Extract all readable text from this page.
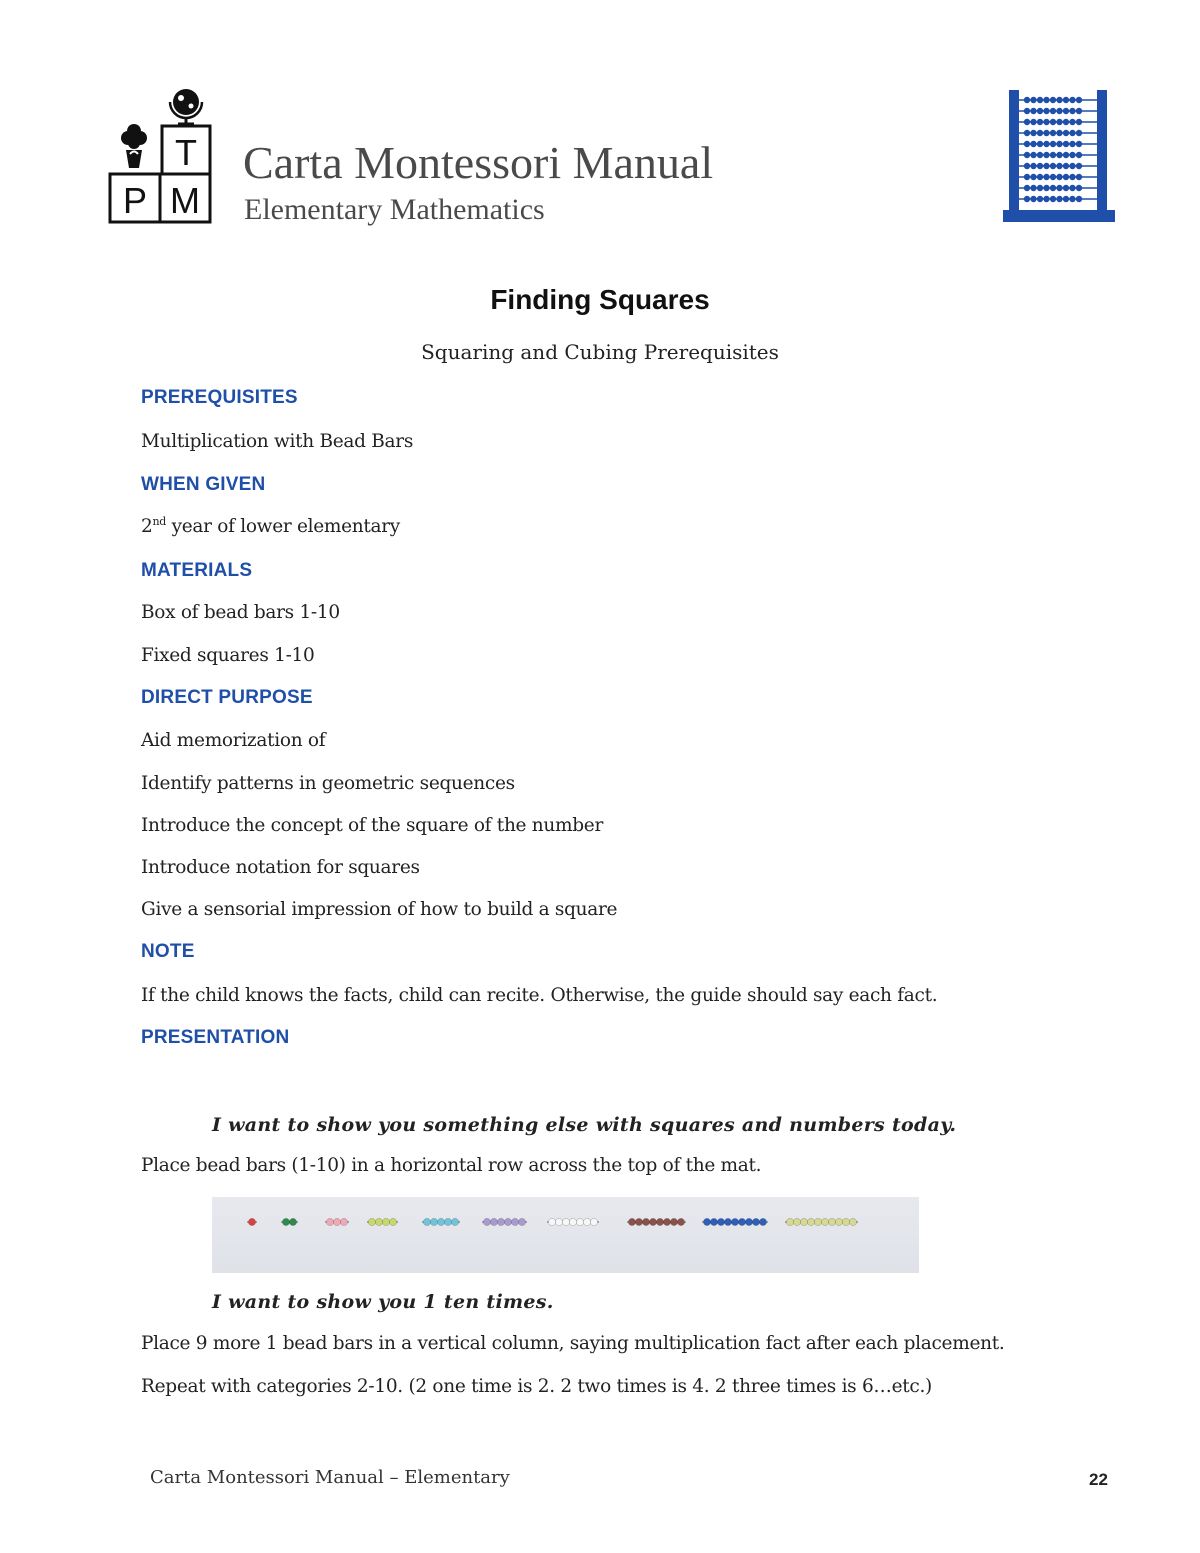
T
P M
Carta Montessori Manual
Elementary Mathematics
Finding Squares
Squaring and Cubing Prerequisites
PREREQUISITES
Multiplication with Bead Bars
WHEN GIVEN
2nd year of lower elementary
MATERIALS
Box of bead bars 1-10
Fixed squares 1-10
DIRECT PURPOSE
Aid memorization of
Identify patterns in geometric sequences
Introduce the concept of the square of the number
Introduce notation for squares
Give a sensorial impression of how to build a square
NOTE
If the child knows the facts, child can recite. Otherwise, the guide should say each fact.
PRESENTATION
I want to show you something else with squares and numbers today.
Place bead bars (1-10) in a horizontal row across the top of the mat.
I want to show you 1 ten times.
Place 9 more 1 bead bars in a vertical column, saying multiplication fact after each placement.
Repeat with categories 2-10. (2 one time is 2. 2 two times is 4. 2 three times is 6…etc.)
Carta Montessori Manual – Elementary	22
